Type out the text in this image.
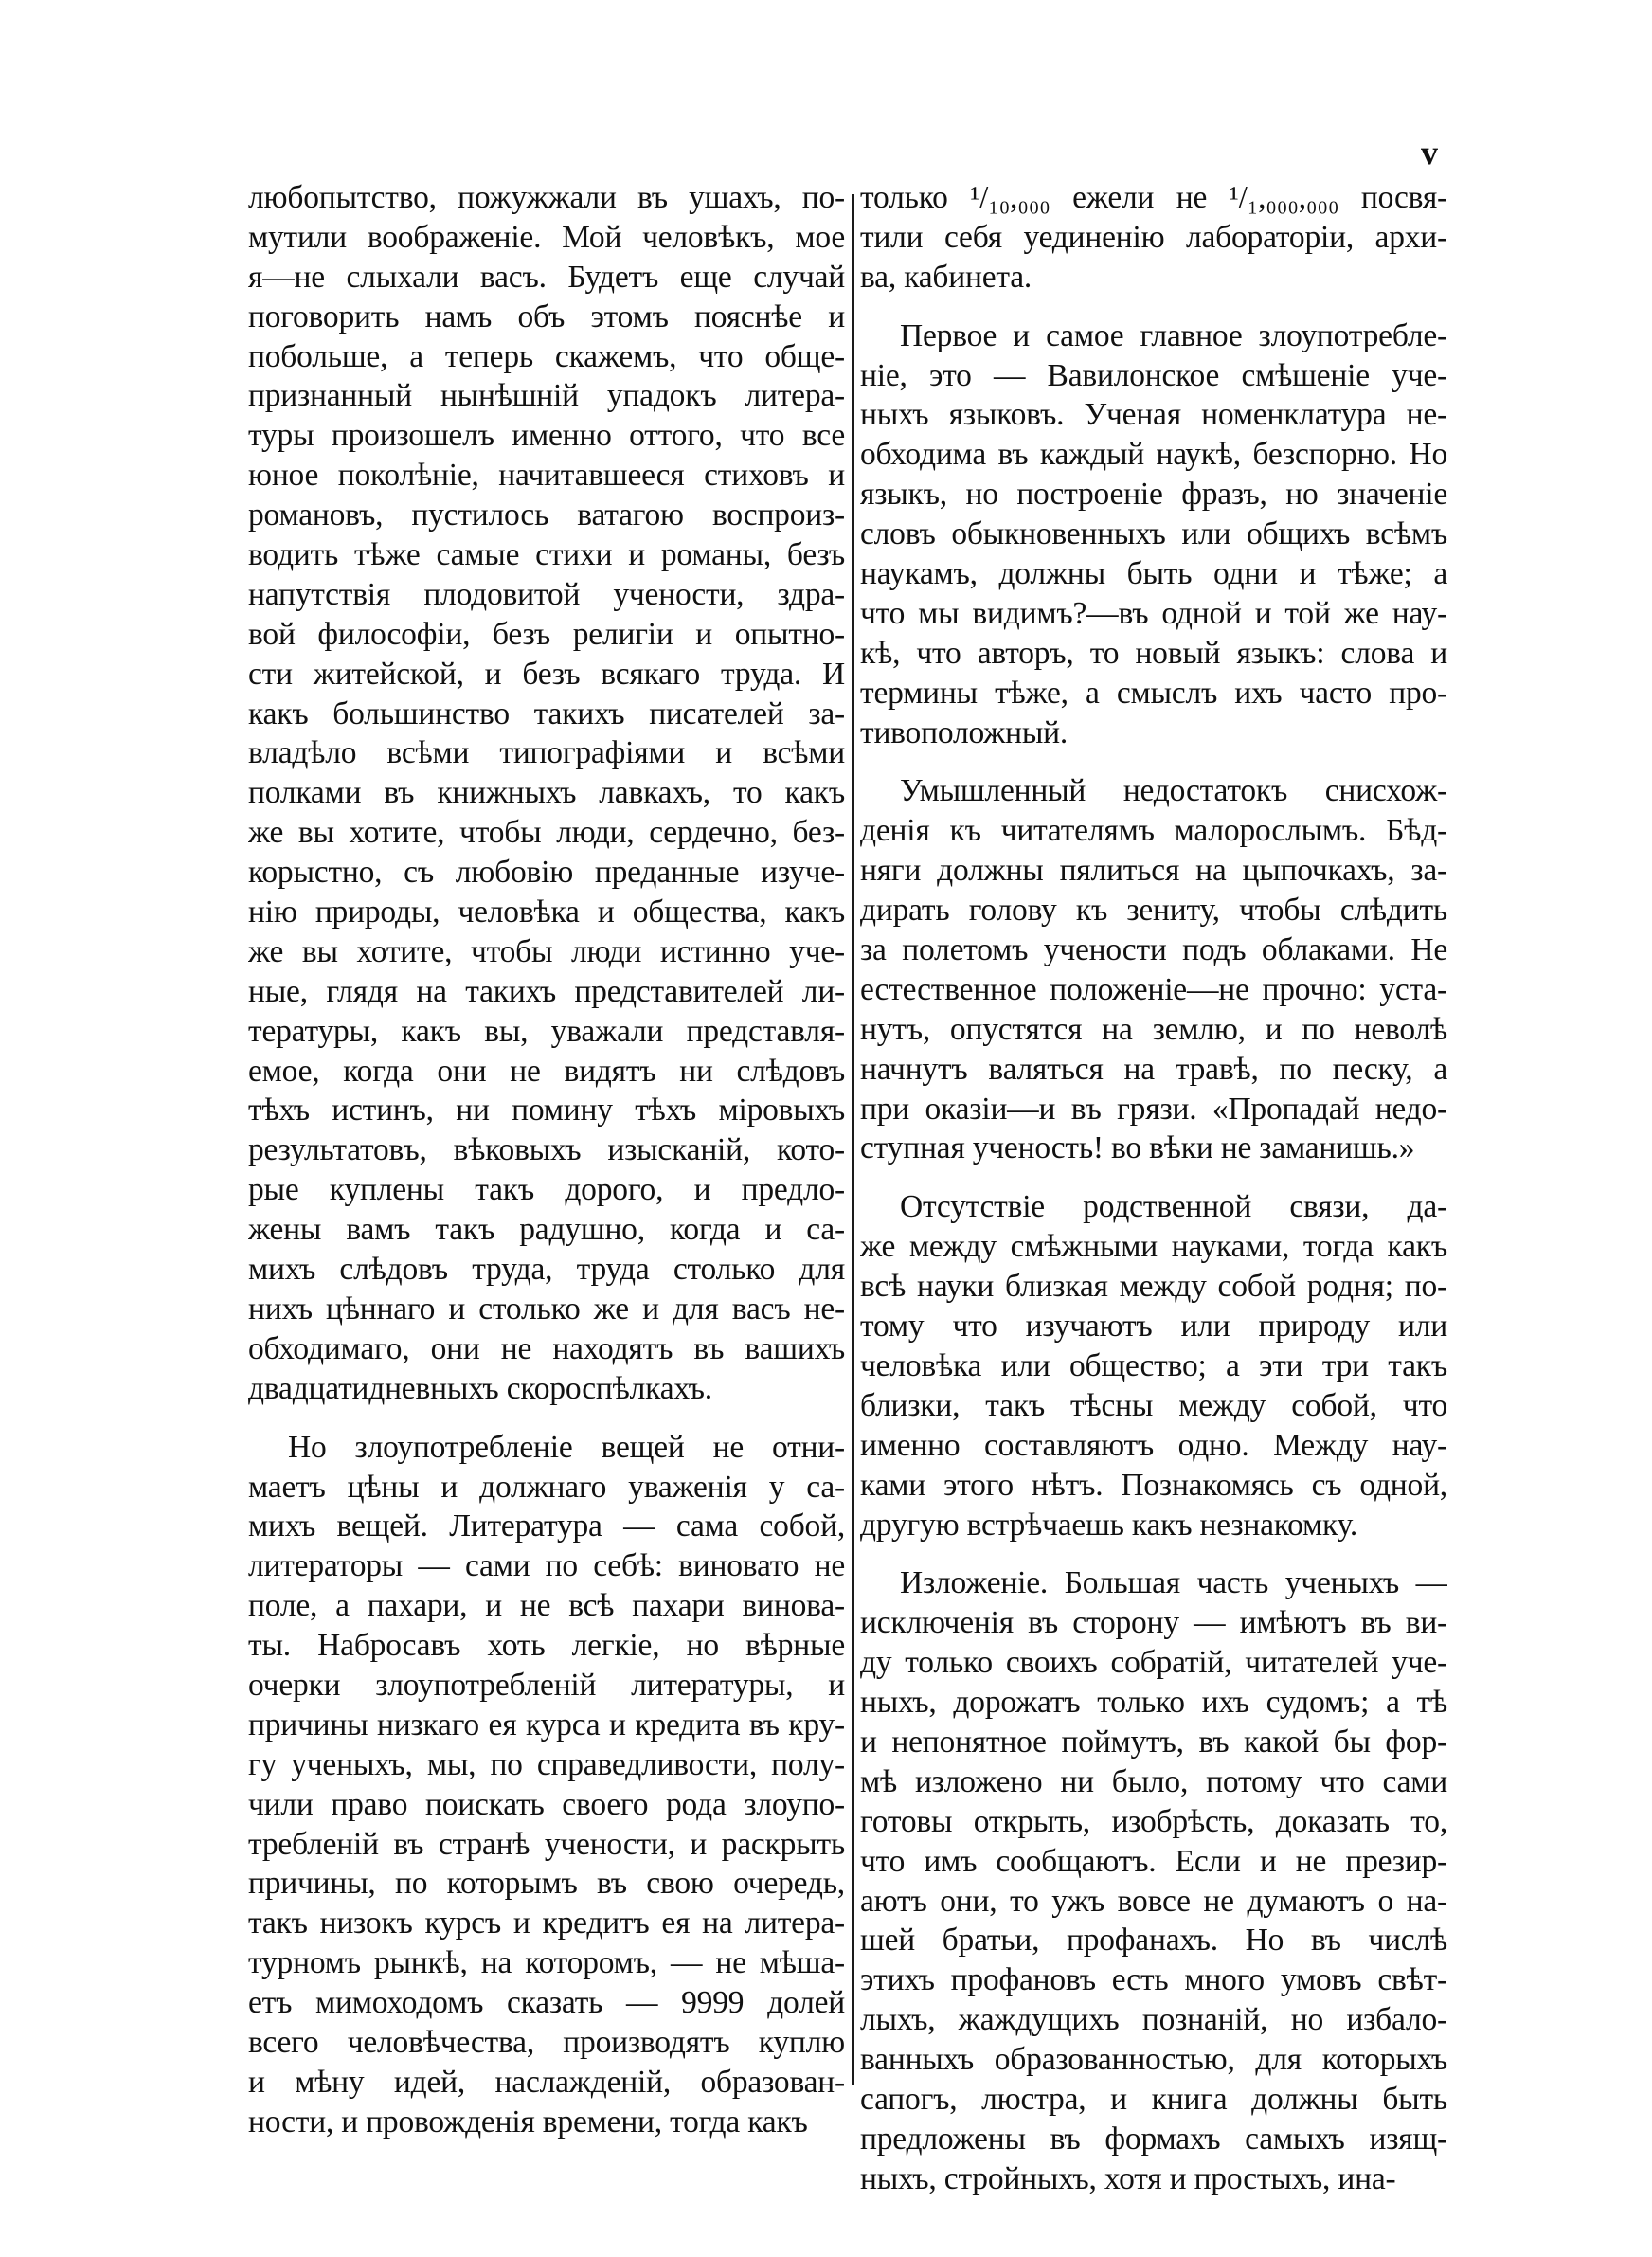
v
любопытство, пожужжали въ ушахъ, по-
мутили воображеніе. Мой человѣкъ, мое
я—не слыхали васъ. Будетъ еще случай
поговорить намъ объ этомъ пояснѣе и
побольше, а теперь скажемъ, что обще-
признанный нынѣшній упадокъ литера-
туры произошелъ именно оттого, что все
юное поколѣніе, начитавшееся стиховъ и
романовъ, пустилось ватагою воспроиз-
водить тѣже самые стихи и романы, безъ
напутствія плодовитой учености, здра-
вой философіи, безъ религіи и опытно-
сти житейской, и безъ всякаго труда. И
какъ большинство такихъ писателей за-
владѣло всѣми типографіями и всѣми
полками въ книжныхъ лавкахъ, то какъ
же вы хотите, чтобы люди, сердечно, без-
корыстно, съ любовію преданные изуче-
нію природы, человѣка и общества, какъ
же вы хотите, чтобы люди истинно уче-
ные, глядя на такихъ представителей ли-
тературы, какъ вы, уважали представля-
емое, когда они не видятъ ни слѣдовъ
тѣхъ истинъ, ни помину тѣхъ міровыхъ
результатовъ, вѣковыхъ изысканій, кото-
рые куплены такъ дорого, и предло-
жены вамъ такъ радушно, когда и са-
михъ слѣдовъ труда, труда столько для
нихъ цѣннаго и столько же и для васъ не-
обходимаго, они не находятъ въ вашихъ
двадцатидневныхъ скороспѣлкахъ.
Но злоупотребленіе вещей не отни-
маетъ цѣны и должнаго уваженія у са-
михъ вещей. Литература — сама собой,
литераторы — сами по себѣ: виновато не
поле, а пахари, и не всѣ пахари винова-
ты. Набросавъ хоть легкіе, но вѣрные
очерки злоупотребленій литературы, и
причины низкаго ея курса и кредита въ кру-
гу ученыхъ, мы, по справедливости, полу-
чили право поискать своего рода злоупо-
требленій въ странѣ учености, и раскрыть
причины, по которымъ въ свою очередь,
такъ низокъ курсъ и кредитъ ея на литера-
турномъ рынкѣ, на которомъ, — не мѣша-
етъ мимоходомъ сказать — 9999 долей
всего человѣчества, производятъ куплю
и мѣну идей, наслажденій, образован-
ности, и провожденія времени, тогда какъ
только ¹/₁₀,₀₀₀ ежели не ¹/₁,₀₀₀,₀₀₀ посвя-
тили себя уединенію лабораторіи, архи-
ва, кабинета.
Первое и самое главное злоупотребле-
ніе, это — Вавилонское смѣшеніе уче-
ныхъ языковъ. Ученая номенклатура не-
обходима въ каждый наукѣ, безспорно. Но
языкъ, но построеніе фразъ, но значеніе
словъ обыкновенныхъ или общихъ всѣмъ
наукамъ, должны быть одни и тѣже; а
что мы видимъ?—въ одной и той же нау-
кѣ, что авторъ, то новый языкъ: слова и
термины тѣже, а смыслъ ихъ часто про-
тивоположный.
Умышленный недостатокъ снисхож-
денія къ читателямъ малорослымъ. Бѣд-
няги должны пялиться на цыпочкахъ, за-
дирать голову къ зениту, чтобы слѣдить
за полетомъ учености подъ облаками. Не
естественное положеніе—не прочно: уста-
нутъ, опустятся на землю, и по неволѣ
начнутъ валяться на травѣ, по песку, а
при оказіи—и въ грязи. «Пропадай недо-
ступная ученость! во вѣки не заманишь.»
Отсутствіе родственной связи, да-
же между смѣжными науками, тогда какъ
всѣ науки близкая между собой родня; по-
тому что изучаютъ или природу или
человѣка или общество; а эти три такъ
близки, такъ тѣсны между собой, что
именно составляютъ одно. Между нау-
ками этого нѣтъ. Познакомясь съ одной,
другую встрѣчаешь какъ незнакомку.
Изложеніе. Большая часть ученыхъ —
исключенія въ сторону — имѣютъ въ ви-
ду только своихъ собратій, читателей уче-
ныхъ, дорожатъ только ихъ судомъ; а тѣ
и непонятное поймутъ, въ какой бы фор-
мѣ изложено ни было, потому что сами
готовы открыть, изобрѣсть, доказать то,
что имъ сообщаютъ. Если и не презир-
аютъ они, то ужъ вовсе не думаютъ о на-
шей братьи, профанахъ. Но въ числѣ
этихъ профановъ есть много умовъ свѣт-
лыхъ, жаждущихъ познаній, но избало-
ванныхъ образованностью, для которыхъ
сапогъ, люстра, и книга должны быть
предложены въ формахъ самыхъ изящ-
ныхъ, стройныхъ, хотя и простыхъ, ина-
